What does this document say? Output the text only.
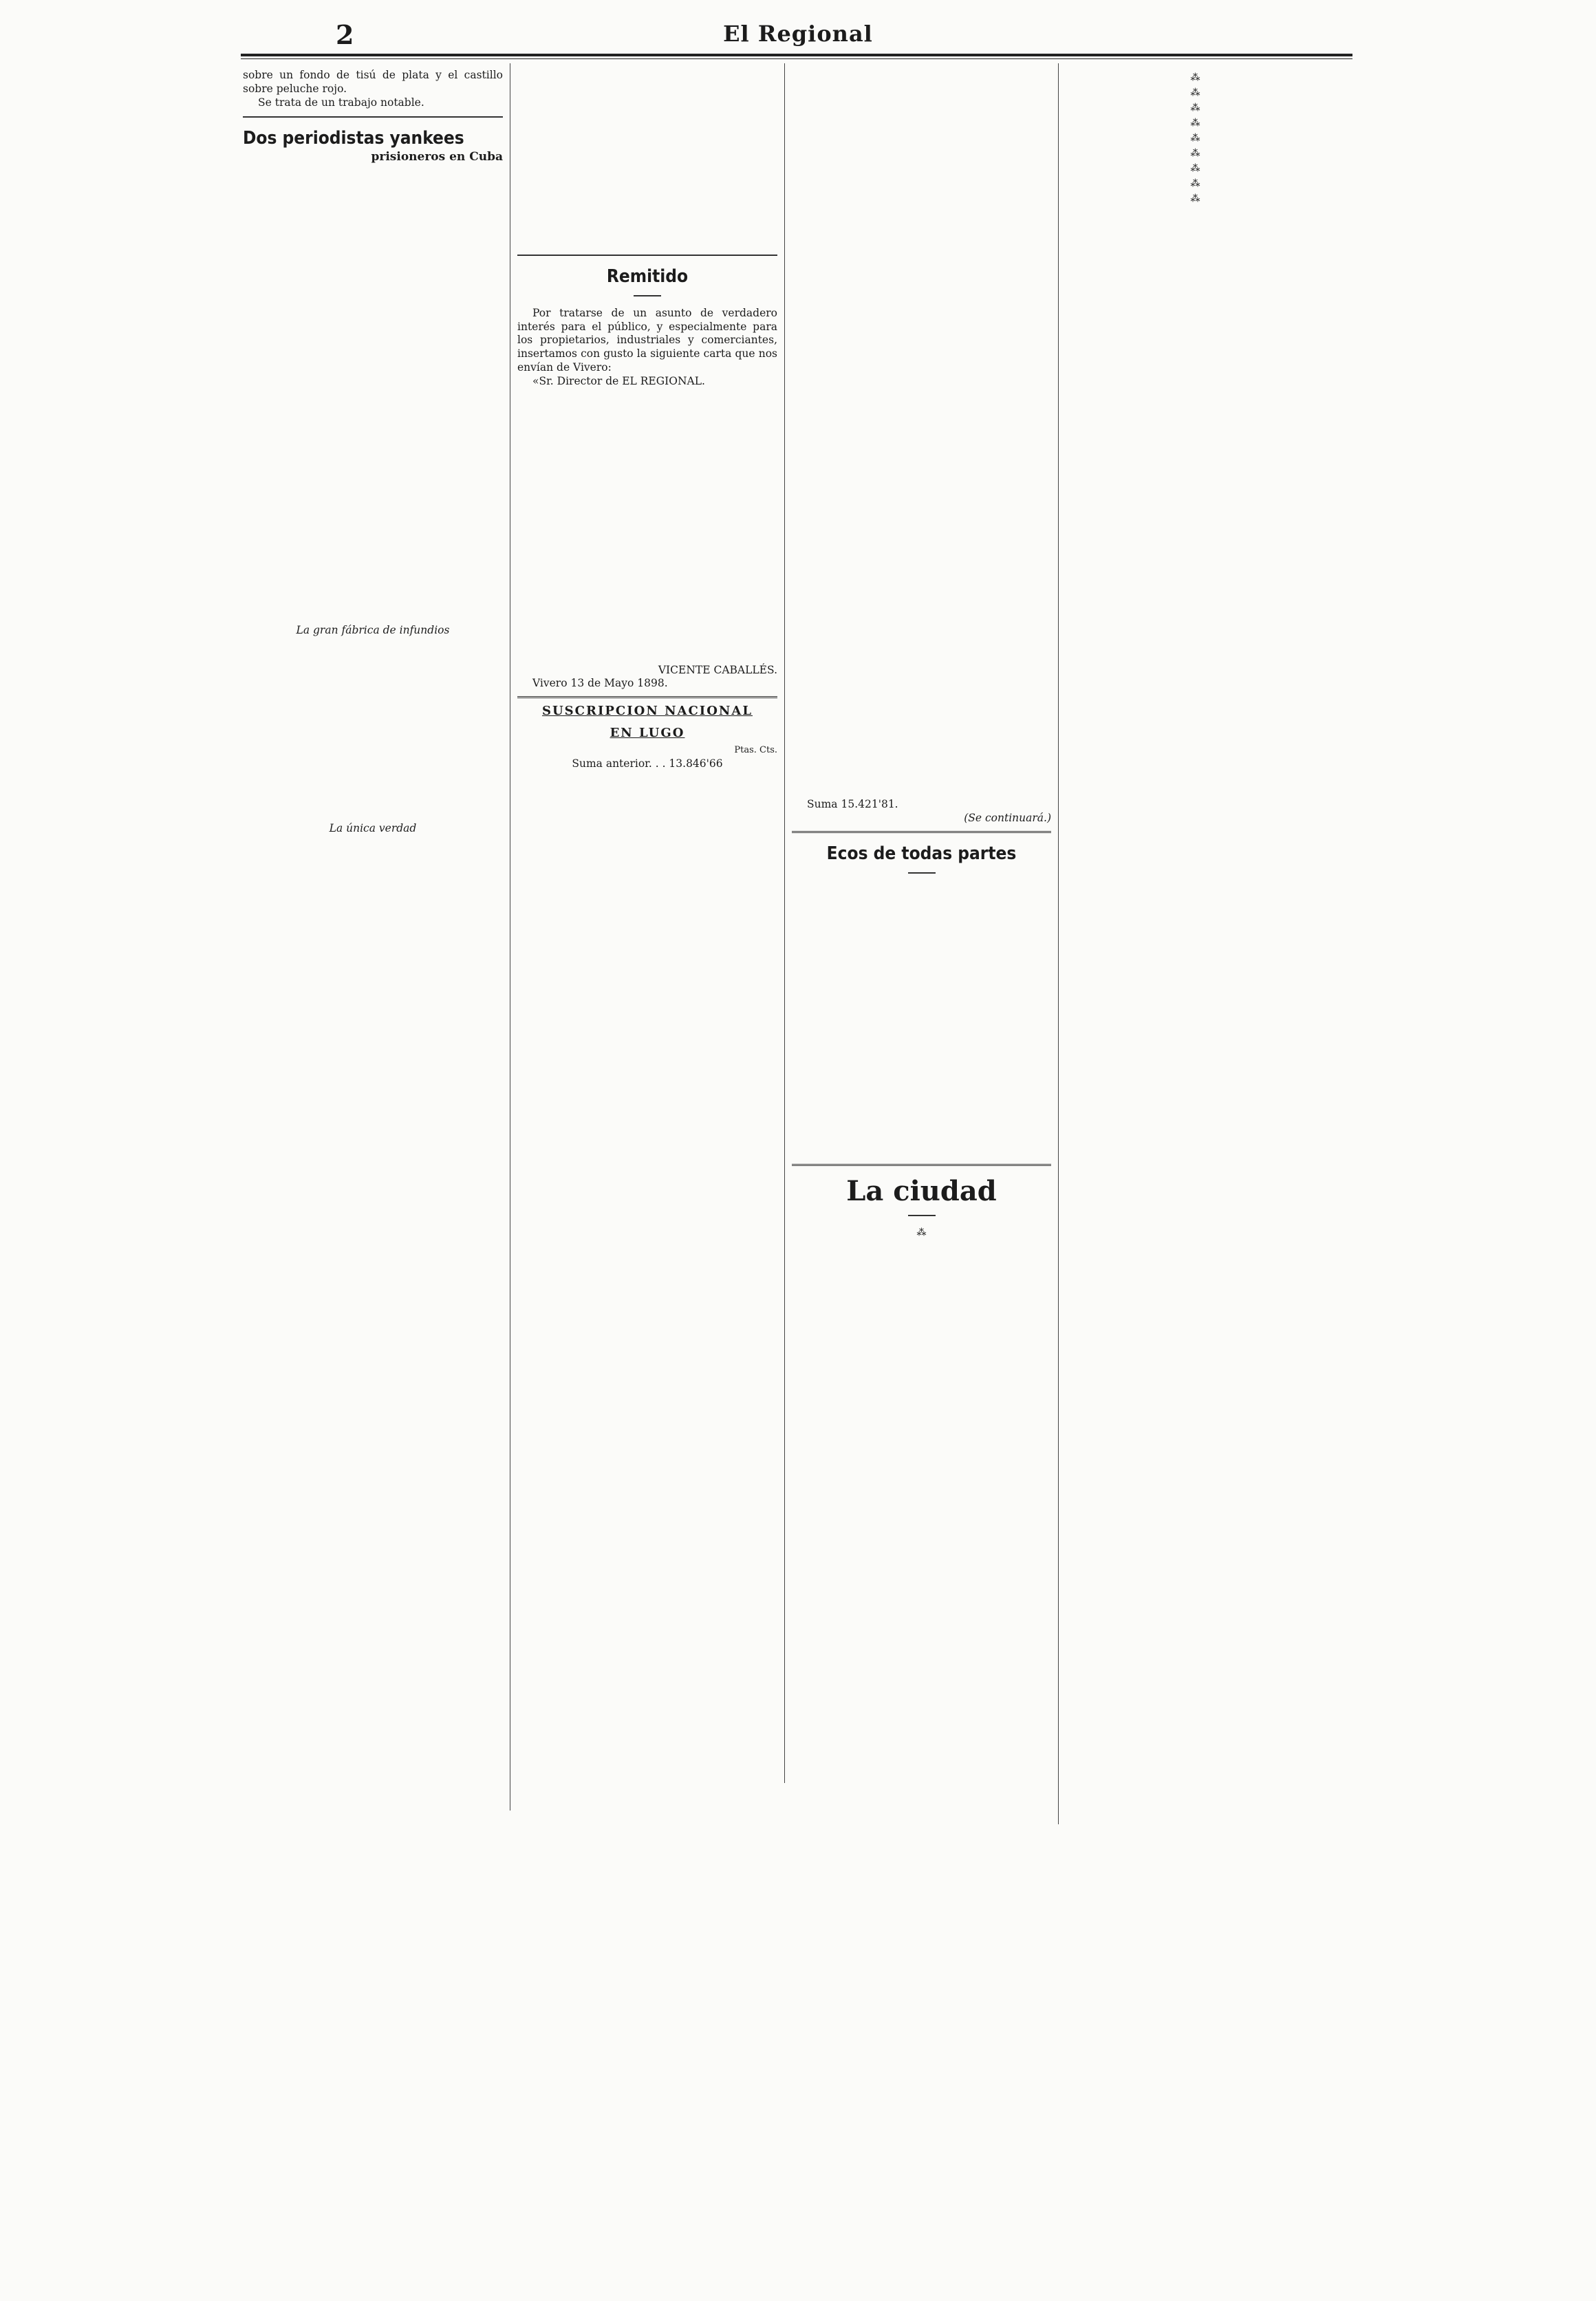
2	El Regional

sobre un fondo de tisú de plata y el castillo sobre peluche rojo.

Se trata de un trabajo notable.

Dos periodistas yankees
prisioneros en Cuba

La gran fábrica de infundios

La única verdad

Remitido

Por tratarse de un asunto de verdadero interés para el público, y especialmente para los propietarios, industriales y comerciantes, insertamos con gusto la siguiente carta que nos envían de Vivero:

«Sr. Director de EL REGIONAL.

VICENTE CABALLÉS.

Vivero 13 de Mayo 1898.

SUSCRIPCION NACIONAL
EN LUGO
Ptas. Cts.

Suma anterior. . . 13.846'66

Suma 15.421'81.

(Se continuará.)

Ecos de todas partes

La ciudad

⁂

⁂

⁂

⁂

⁂

⁂

⁂

⁂

⁂

⁂
